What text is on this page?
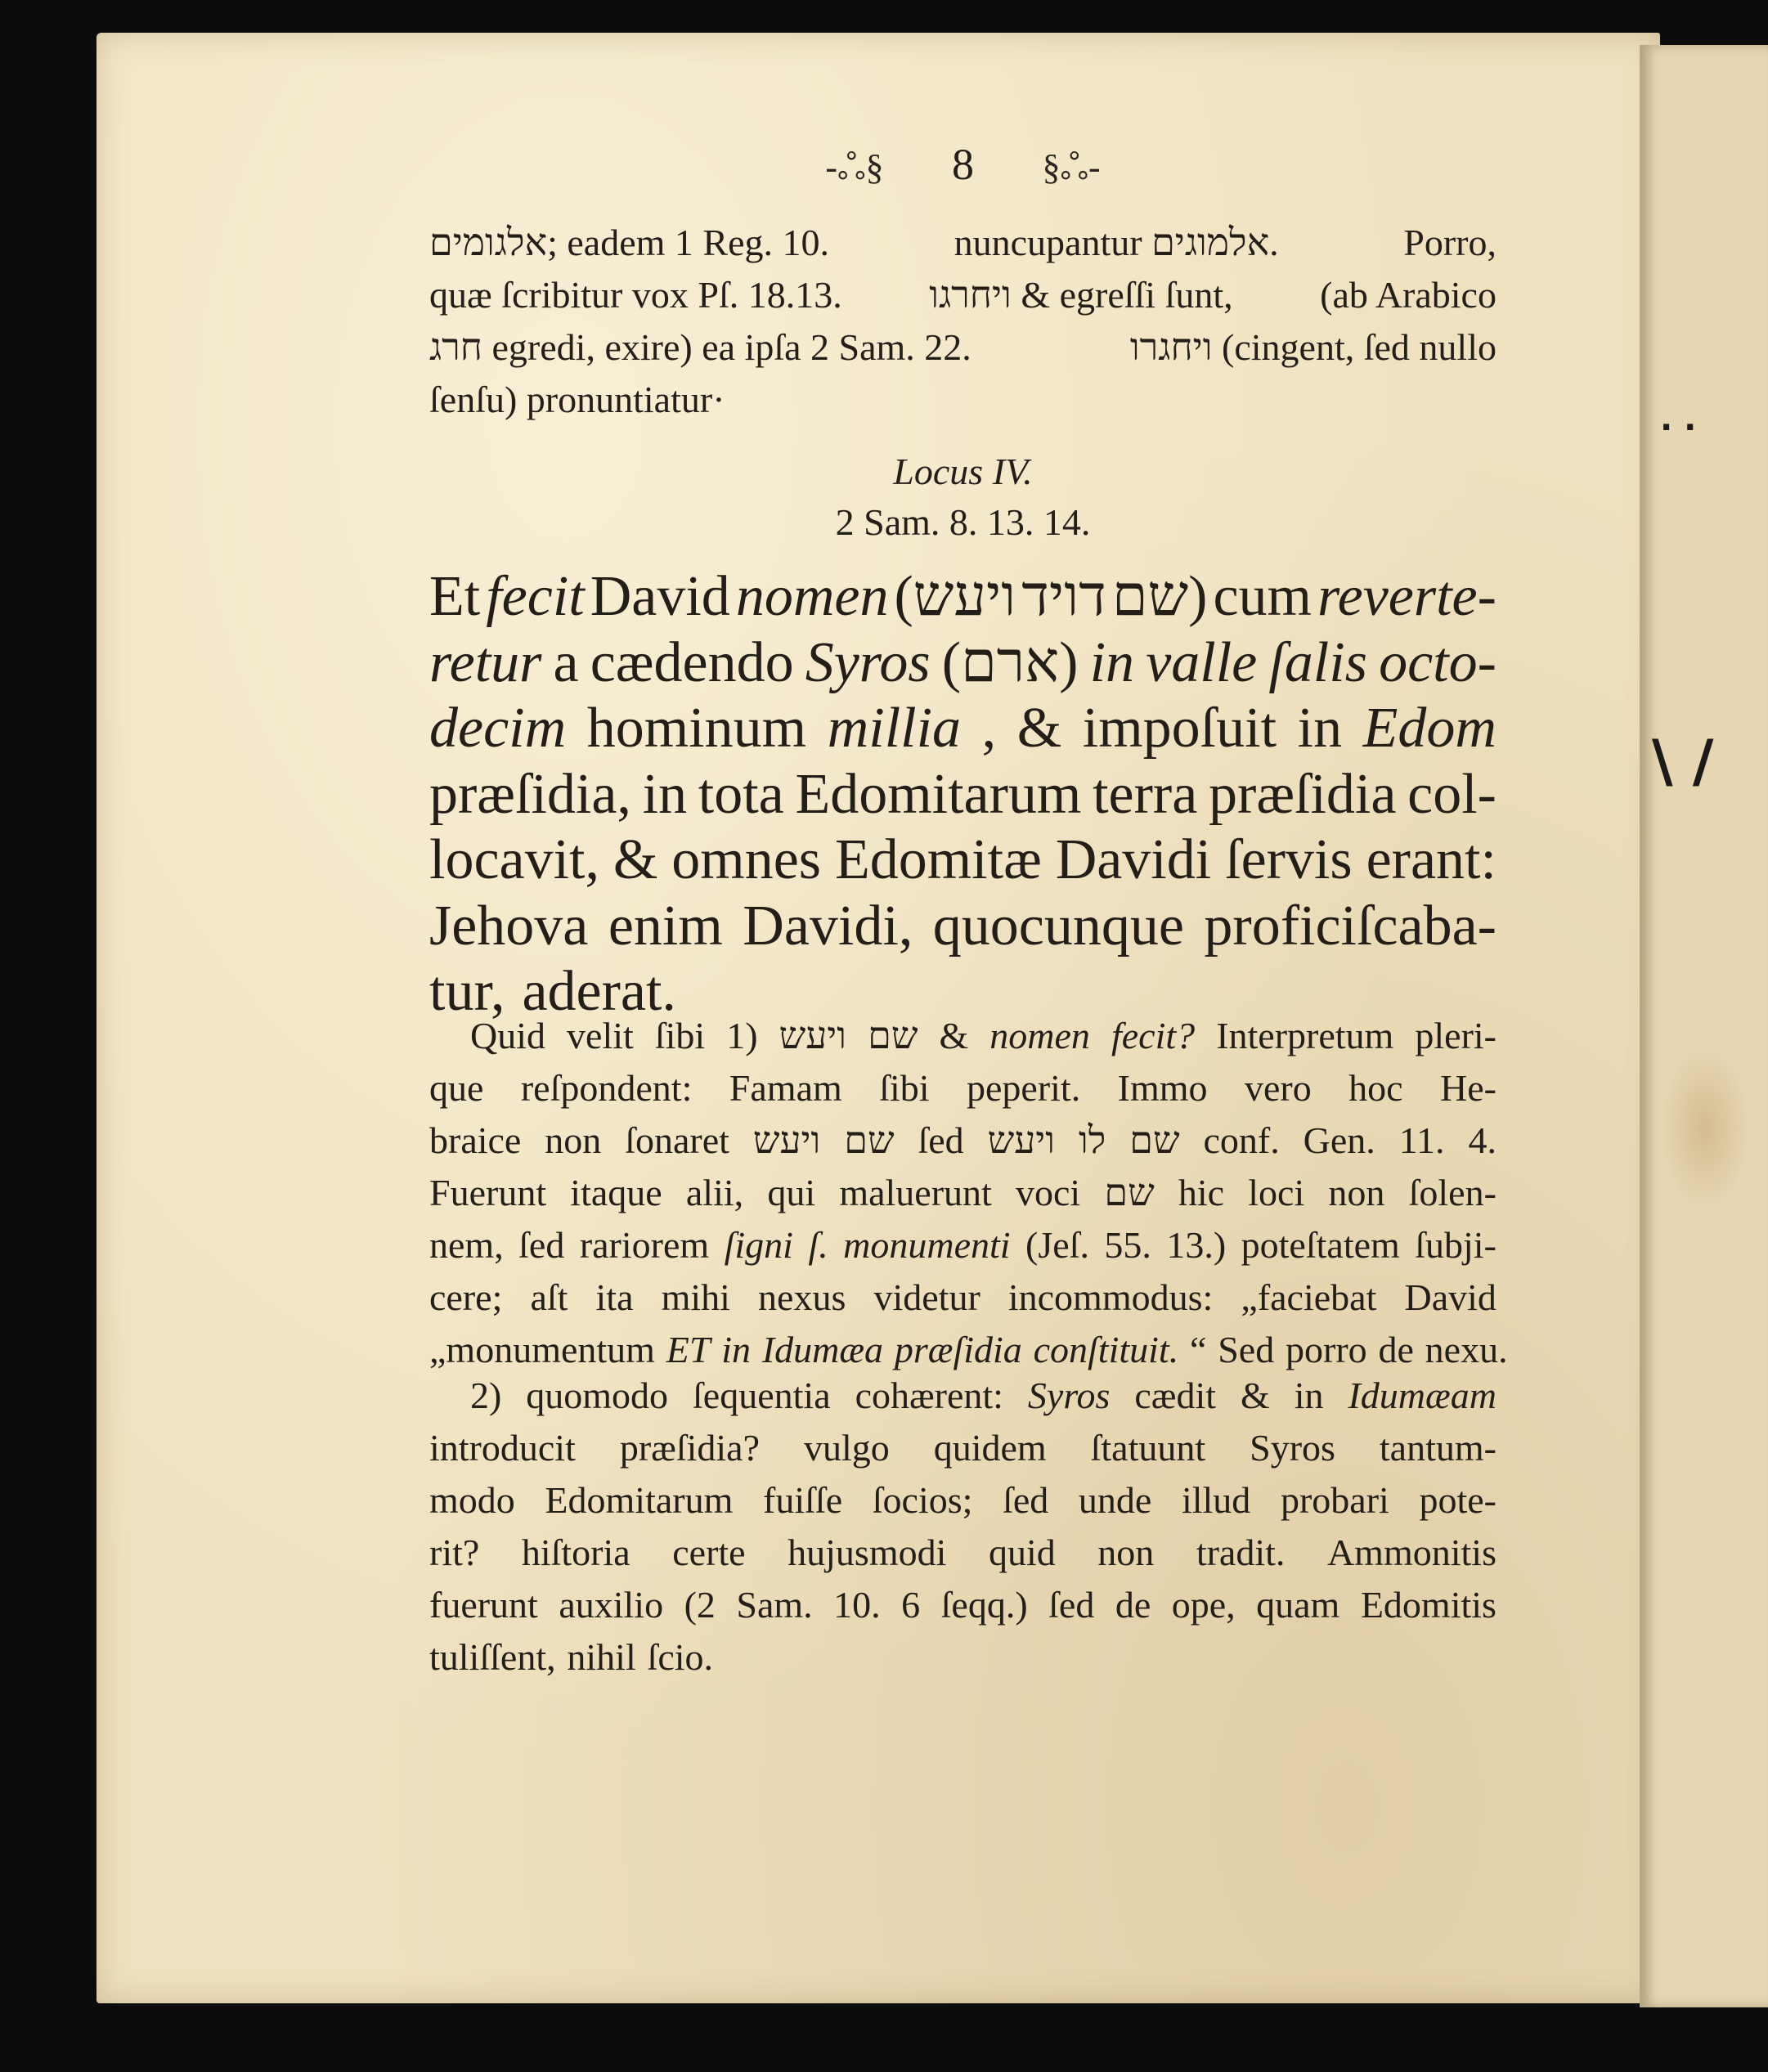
· ·
\ /
-ஃ§ 8 §ஃ-
אלגומים; eadem 1 Reg. 10.	nuncupantur אלמוגים.	Porro,
quæ ſcribitur vox Pſ. 18.13. ויחרגו & egreſſi ſunt, (ab Arabico
חרג egredi, exire) ea ipſa 2 Sam. 22.	ויחגרו (cingent, ſed nullo
ſenſu) pronuntiatur·
Locus IV.
2 Sam. 8. 13. 14.
Et fecit David nomen (ויעש דויד שם) cum reverte-
retur a cædendo Syros (ארם) in valle ſalis octo-
decim hominum millia , & impoſuit in Edom
præſidia, in tota Edomitarum terra præſidia col-
locavit, & omnes Edomitæ Davidi ſervis erant:
Jehova enim Davidi, quocunque proficiſcaba-
tur, aderat.
Quid velit ſibi 1) ויעש שם & nomen fecit? Interpretum pleri-
que reſpondent: Famam ſibi peperit. Immo vero hoc He-
braice non ſonaret ויעש שם ſed ויעש לו שם conf. Gen. 11. 4.
Fuerunt itaque alii, qui maluerunt voci שם hic loci non ſolen-
nem, ſed rariorem ſigni ſ. monumenti (Jeſ. 55. 13.) poteſtatem ſubji-
cere; aſt ita mihi nexus videtur incommodus: „faciebat David
„monumentum ET in Idumæa præſidia conſtituit. “ Sed porro de nexu.
2) quomodo ſequentia cohærent: Syros cædit & in Idumæam
introducit præſidia? vulgo quidem ſtatuunt Syros tantum-
modo Edomitarum fuiſſe ſocios; ſed unde illud probari pote-
rit? hiſtoria certe hujusmodi quid non tradit. Ammonitis
fuerunt auxilio (2 Sam. 10. 6 ſeqq.) ſed de ope, quam Edomitis
tuliſſent, nihil ſcio.
